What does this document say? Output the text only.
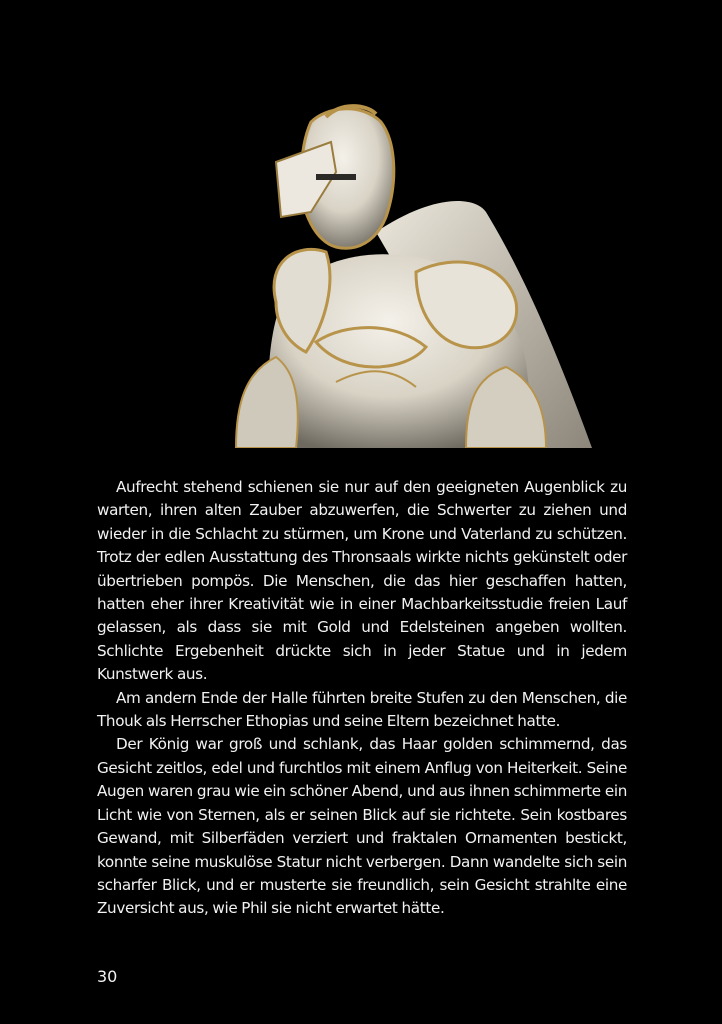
Aufrecht stehend schienen sie nur auf den geeigneten Augenblick zu warten, ihren alten Zauber abzuwerfen, die Schwerter zu ziehen und wieder in die Schlacht zu stürmen, um Krone und Vaterland zu schützen. Trotz der edlen Ausstattung des Thronsaals wirkte nichts gekünstelt oder übertrieben pompös. Die Menschen, die das hier geschaffen hatten, hatten eher ihrer Kreativität wie in einer Machbarkeitsstudie freien Lauf gelassen, als dass sie mit Gold und Edelsteinen angeben wollten. Schlichte Ergebenheit drückte sich in jeder Statue und in jedem Kunstwerk aus.

Am andern Ende der Halle führten breite Stufen zu den Menschen, die Thouk als Herrscher Ethopias und seine Eltern bezeichnet hatte.

Der König war groß und schlank, das Haar golden schimmernd, das Gesicht zeitlos, edel und furchtlos mit einem Anflug von Heiterkeit. Seine Augen waren grau wie ein schöner Abend, und aus ihnen schimmerte ein Licht wie von Sternen, als er seinen Blick auf sie richtete. Sein kostbares Gewand, mit Silberfäden verziert und fraktalen Ornamenten bestickt, konnte seine muskulöse Statur nicht verbergen. Dann wandelte sich sein scharfer Blick, und er musterte sie freundlich, sein Gesicht strahlte eine Zuversicht aus, wie Phil sie nicht erwartet hätte.

30
